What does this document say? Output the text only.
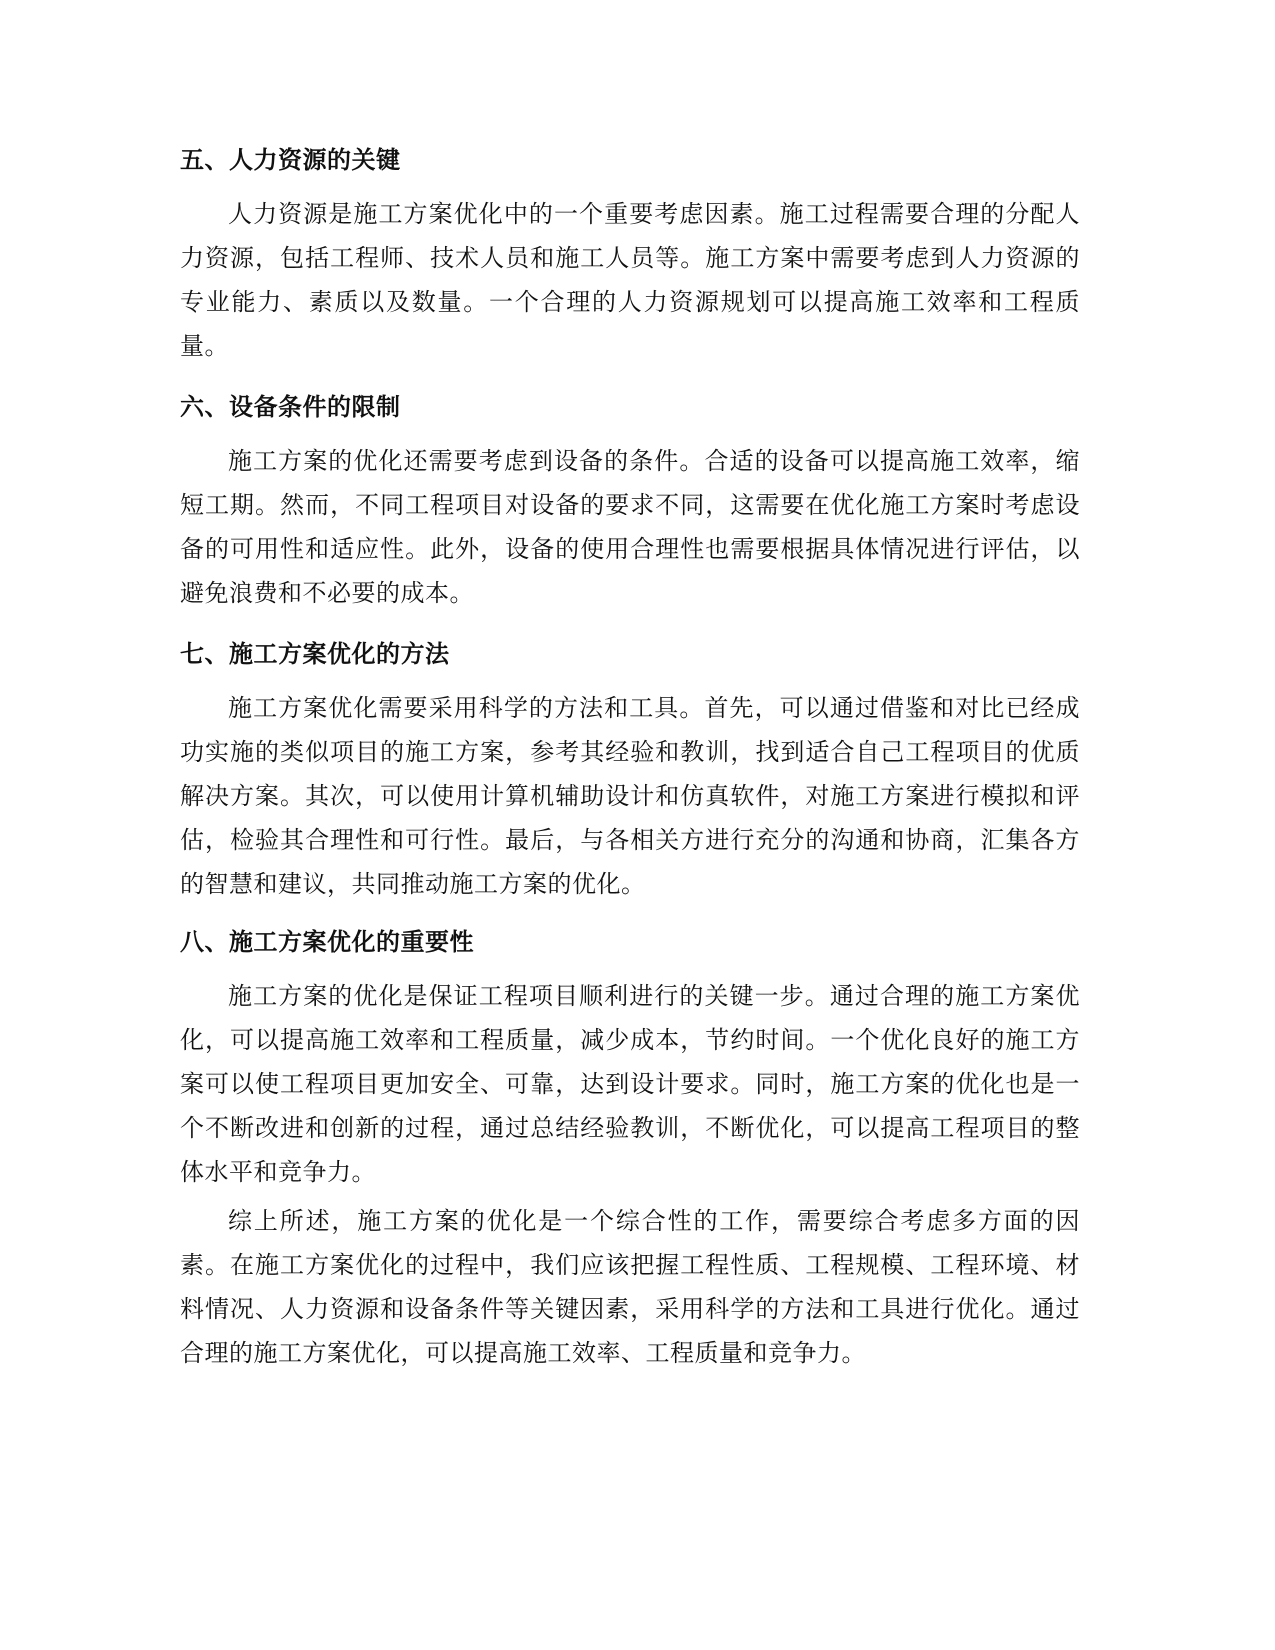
五、人力资源的关键

人力资源是施工方案优化中的一个重要考虑因素。施工过程需要合理的分配人力资源，包括工程师、技术人员和施工人员等。施工方案中需要考虑到人力资源的专业能力、素质以及数量。一个合理的人力资源规划可以提高施工效率和工程质量。

六、设备条件的限制

施工方案的优化还需要考虑到设备的条件。合适的设备可以提高施工效率，缩短工期。然而，不同工程项目对设备的要求不同，这需要在优化施工方案时考虑设备的可用性和适应性。此外，设备的使用合理性也需要根据具体情况进行评估，以避免浪费和不必要的成本。

七、施工方案优化的方法

施工方案优化需要采用科学的方法和工具。首先，可以通过借鉴和对比已经成功实施的类似项目的施工方案，参考其经验和教训，找到适合自己工程项目的优质解决方案。其次，可以使用计算机辅助设计和仿真软件，对施工方案进行模拟和评估，检验其合理性和可行性。最后，与各相关方进行充分的沟通和协商，汇集各方的智慧和建议，共同推动施工方案的优化。

八、施工方案优化的重要性

施工方案的优化是保证工程项目顺利进行的关键一步。通过合理的施工方案优化，可以提高施工效率和工程质量，减少成本，节约时间。一个优化良好的施工方案可以使工程项目更加安全、可靠，达到设计要求。同时，施工方案的优化也是一个不断改进和创新的过程，通过总结经验教训，不断优化，可以提高工程项目的整体水平和竞争力。

综上所述，施工方案的优化是一个综合性的工作，需要综合考虑多方面的因素。在施工方案优化的过程中，我们应该把握工程性质、工程规模、工程环境、材料情况、人力资源和设备条件等关键因素，采用科学的方法和工具进行优化。通过合理的施工方案优化，可以提高施工效率、工程质量和竞争力。
